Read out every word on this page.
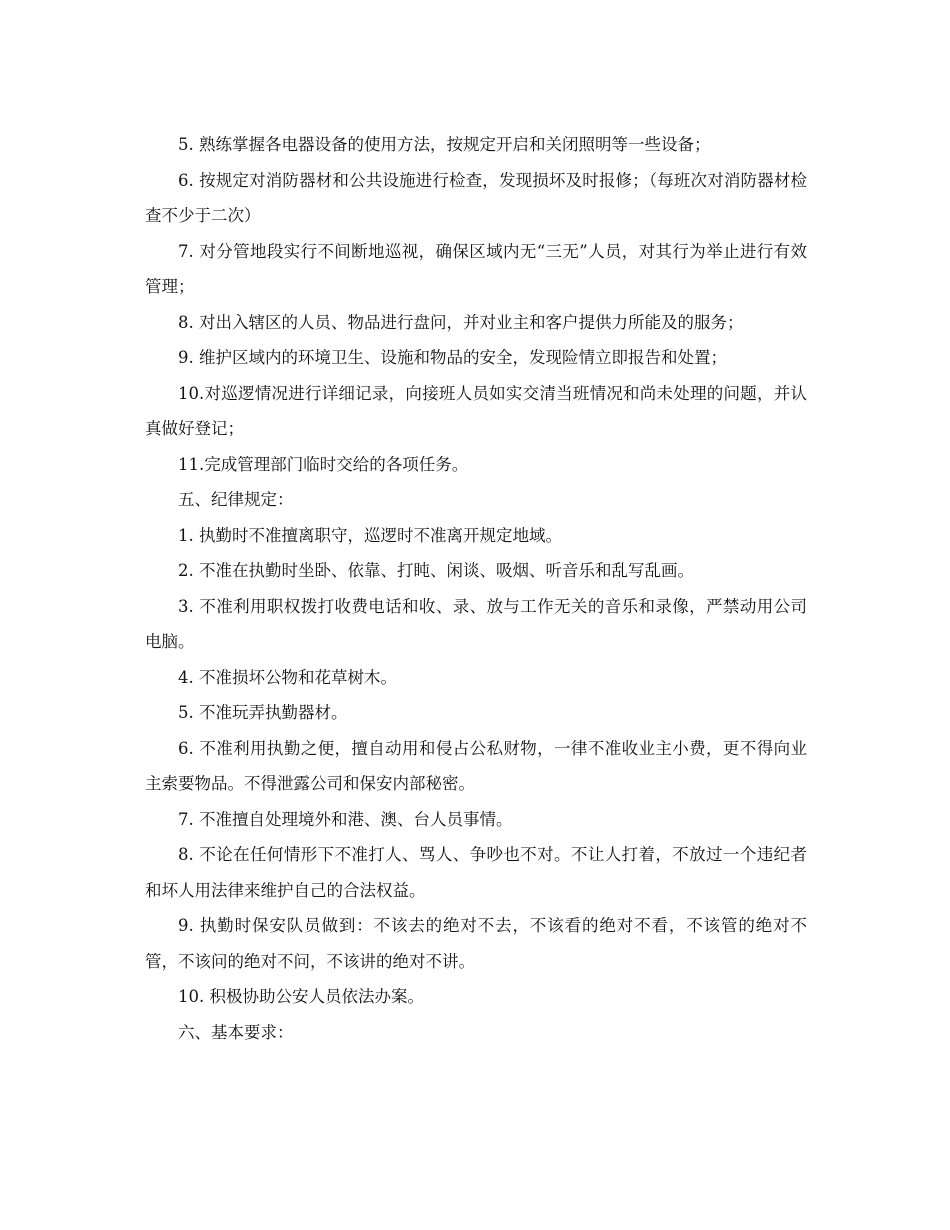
5. 熟练掌握各电器设备的使用方法，按规定开启和关闭照明等一些设备；

6. 按规定对消防器材和公共设施进行检查，发现损坏及时报修；（每班次对消防器材检查不少于二次）

7. 对分管地段实行不间断地巡视，确保区域内无“三无”人员，对其行为举止进行有效管理；

8. 对出入辖区的人员、物品进行盘问，并对业主和客户提供力所能及的服务；

9. 维护区域内的环境卫生、设施和物品的安全，发现险情立即报告和处置；

10.对巡逻情况进行详细记录，向接班人员如实交清当班情况和尚未处理的问题，并认真做好登记；

11.完成管理部门临时交给的各项任务。

五、纪律规定：

1. 执勤时不准擅离职守，巡逻时不准离开规定地域。

2. 不准在执勤时坐卧、依靠、打盹、闲谈、吸烟、听音乐和乱写乱画。

3. 不准利用职权拨打收费电话和收、录、放与工作无关的音乐和录像，严禁动用公司电脑。

4. 不准损坏公物和花草树木。

5. 不准玩弄执勤器材。

6. 不准利用执勤之便，擅自动用和侵占公私财物，一律不准收业主小费，更不得向业主索要物品。不得泄露公司和保安内部秘密。

7. 不准擅自处理境外和港、澳、台人员事情。

8. 不论在任何情形下不准打人、骂人、争吵也不对。不让人打着，不放过一个违纪者和坏人用法律来维护自己的合法权益。

9. 执勤时保安队员做到：不该去的绝对不去，不该看的绝对不看，不该管的绝对不管，不该问的绝对不问，不该讲的绝对不讲。

10. 积极协助公安人员依法办案。

六、基本要求：
